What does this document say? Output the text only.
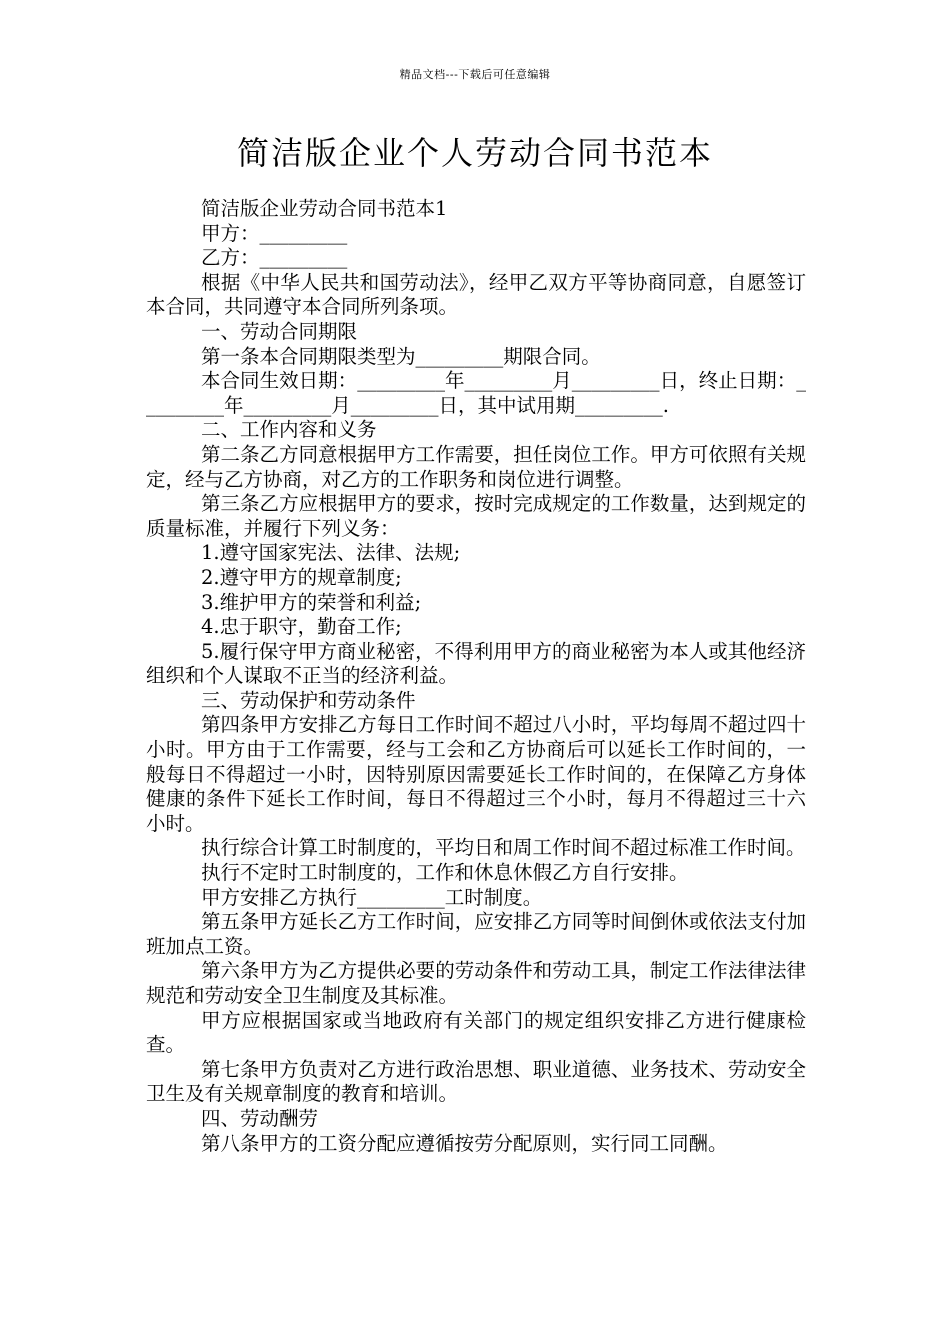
精品文档---下载后可任意编辑
简洁版企业个人劳动合同书范本

简洁版企业劳动合同书范本1

甲方：_________

乙方：_________

根据《中华人民共和国劳动法》，经甲乙双方平等协商同意，自愿签订本合同，共同遵守本合同所列条项。

一、劳动合同期限

第一条本合同期限类型为_________期限合同。

本合同生效日期：_________年_________月_________日，终止日期：_________年_________月_________日，其中试用期_________.

二、工作内容和义务

第二条乙方同意根据甲方工作需要，担任岗位工作。甲方可依照有关规定，经与乙方协商，对乙方的工作职务和岗位进行调整。

第三条乙方应根据甲方的要求，按时完成规定的工作数量，达到规定的质量标准，并履行下列义务：

1.遵守国家宪法、法律、法规;

2.遵守甲方的规章制度;

3.维护甲方的荣誉和利益;

4.忠于职守，勤奋工作;

5.履行保守甲方商业秘密，不得利用甲方的商业秘密为本人或其他经济组织和个人谋取不正当的经济利益。

三、劳动保护和劳动条件

第四条甲方安排乙方每日工作时间不超过八小时，平均每周不超过四十小时。甲方由于工作需要，经与工会和乙方协商后可以延长工作时间的，一般每日不得超过一小时，因特别原因需要延长工作时间的，在保障乙方身体健康的条件下延长工作时间，每日不得超过三个小时，每月不得超过三十六小时。

执行综合计算工时制度的，平均日和周工作时间不超过标准工作时间。

执行不定时工时制度的，工作和休息休假乙方自行安排。

甲方安排乙方执行_________工时制度。

第五条甲方延长乙方工作时间，应安排乙方同等时间倒休或依法支付加班加点工资。

第六条甲方为乙方提供必要的劳动条件和劳动工具，制定工作法律法律规范和劳动安全卫生制度及其标准。

甲方应根据国家或当地政府有关部门的规定组织安排乙方进行健康检查。

第七条甲方负责对乙方进行政治思想、职业道德、业务技术、劳动安全卫生及有关规章制度的教育和培训。

四、劳动酬劳

第八条甲方的工资分配应遵循按劳分配原则，实行同工同酬。
